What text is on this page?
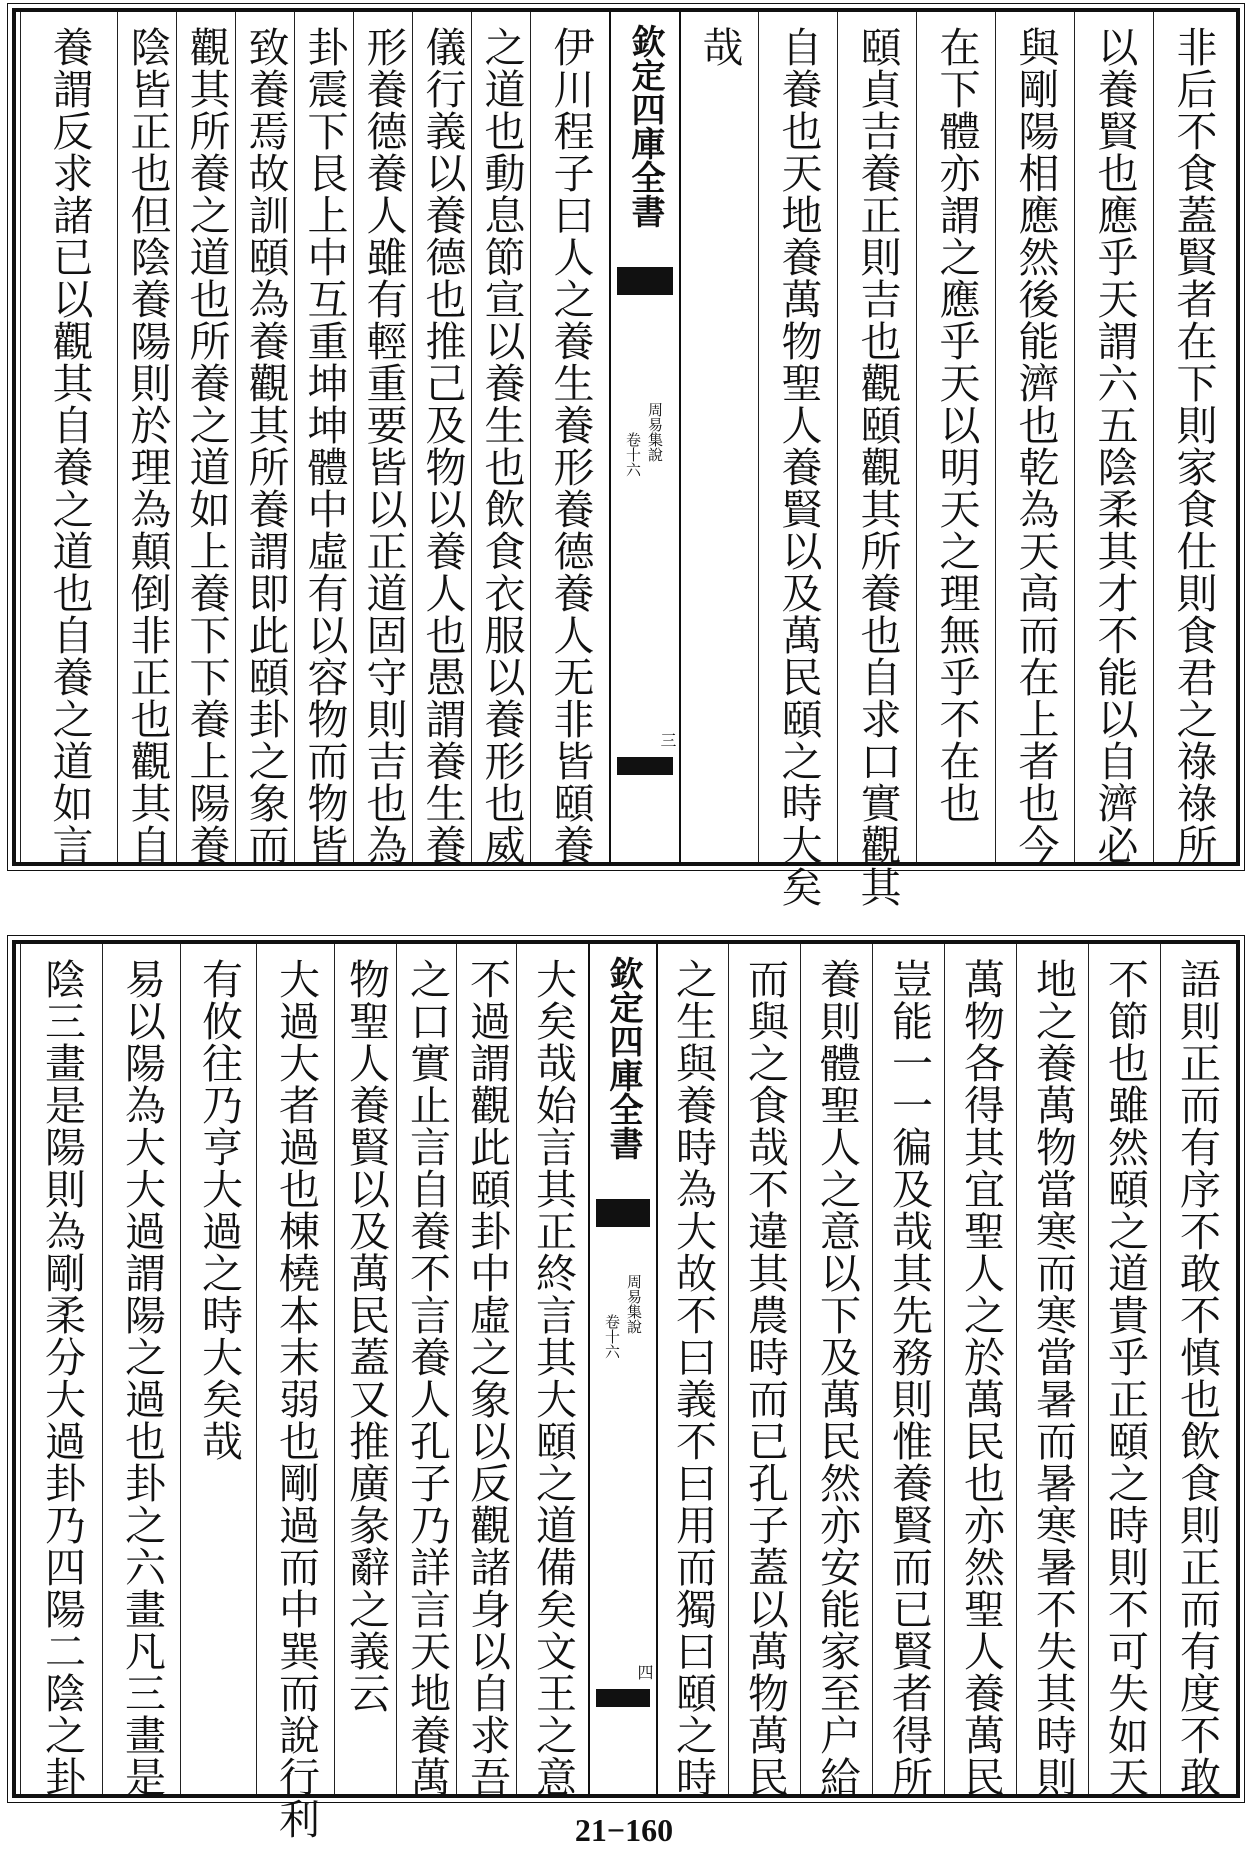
非后不食蓋賢者在下則家食仕則食君之祿祿所
以養賢也應乎天謂六五陰柔其才不能以自濟必
與剛陽相應然後能濟也乾為天高而在上者也今
在下體亦謂之應乎天以明天之理無乎不在也
頤貞吉養正則吉也觀頤觀其所養也自求口實觀其
自養也天地養萬物聖人養賢以及萬民頤之時大矣
哉
欽定四庫全書
周易集說
卷十六
三
伊川程子曰人之養生養形養德養人无非皆頤養
之道也動息節宣以養生也飲食衣服以養形也威
儀行義以養德也推己及物以養人也愚謂養生養
形養德養人雖有輕重要皆以正道固守則吉也為
卦震下艮上中互重坤坤體中虛有以容物而物皆
致養焉故訓頤為養觀其所養謂即此頤卦之象而
觀其所養之道也所養之道如上養下下養上陽養
陰皆正也但陰養陽則於理為顛倒非正也觀其自
養謂反求諸已以觀其自養之道也自養之道如言
語則正而有序不敢不慎也飲食則正而有度不敢
不節也雖然頤之道貴乎正頤之時則不可失如天
地之養萬物當寒而寒當暑而暑寒暑不失其時則
萬物各得其宜聖人之於萬民也亦然聖人養萬民
豈能一一徧及哉其先務則惟養賢而已賢者得所
養則體聖人之意以下及萬民然亦安能家至户給
而與之食哉不違其農時而已孔子蓋以萬物萬民
之生與養時為大故不曰義不曰用而獨曰頤之時
欽定四庫全書
周易集說
卷十六
四
大矣哉始言其正終言其大頤之道備矣文王之意
不過謂觀此頤卦中虛之象以反觀諸身以自求吾
之口實止言自養不言養人孔子乃詳言天地養萬
物聖人養賢以及萬民蓋又推廣彖辭之義云
大過大者過也棟橈本末弱也剛過而中巽而說行利
有攸往乃亨大過之時大矣哉
易以陽為大大過謂陽之過也卦之六畫凡三畫是
陰三畫是陽則為剛柔分大過卦乃四陽二陰之卦
21−160
